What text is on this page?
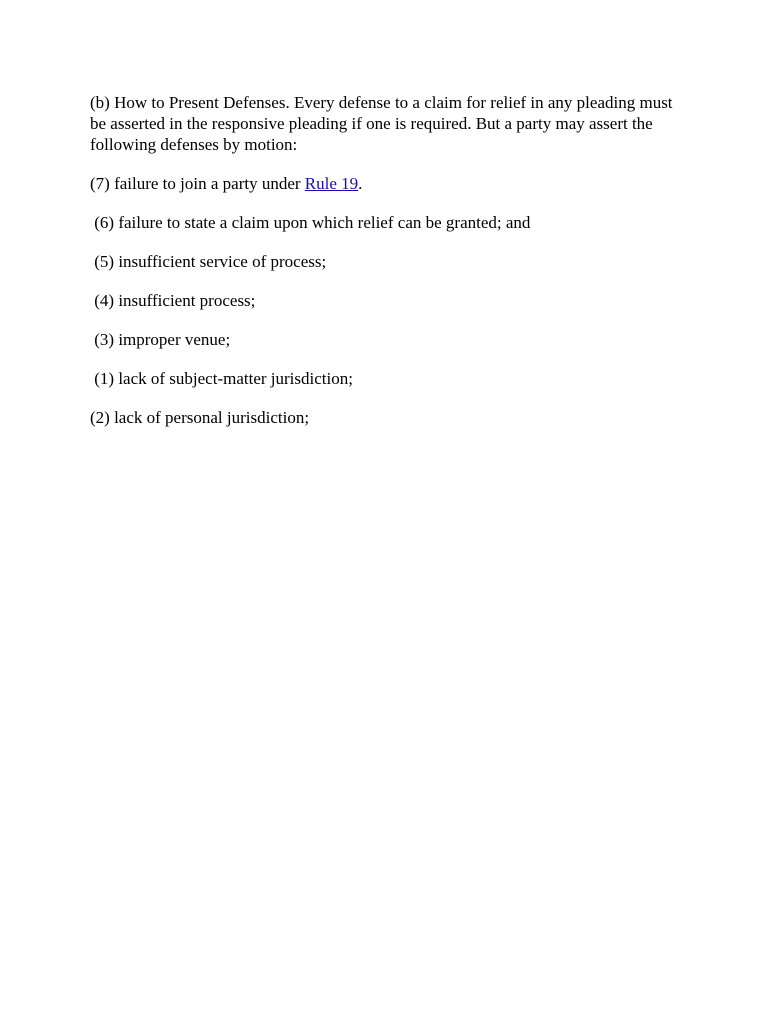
(b) How to Present Defenses. Every defense to a claim for relief in any pleading must be asserted in the responsive pleading if one is required. But a party may assert the following defenses by motion:

(7) failure to join a party under Rule 19.

(6) failure to state a claim upon which relief can be granted; and

(5) insufficient service of process;

(4) insufficient process;

(3) improper venue;

(1) lack of subject-matter jurisdiction;

(2) lack of personal jurisdiction;
